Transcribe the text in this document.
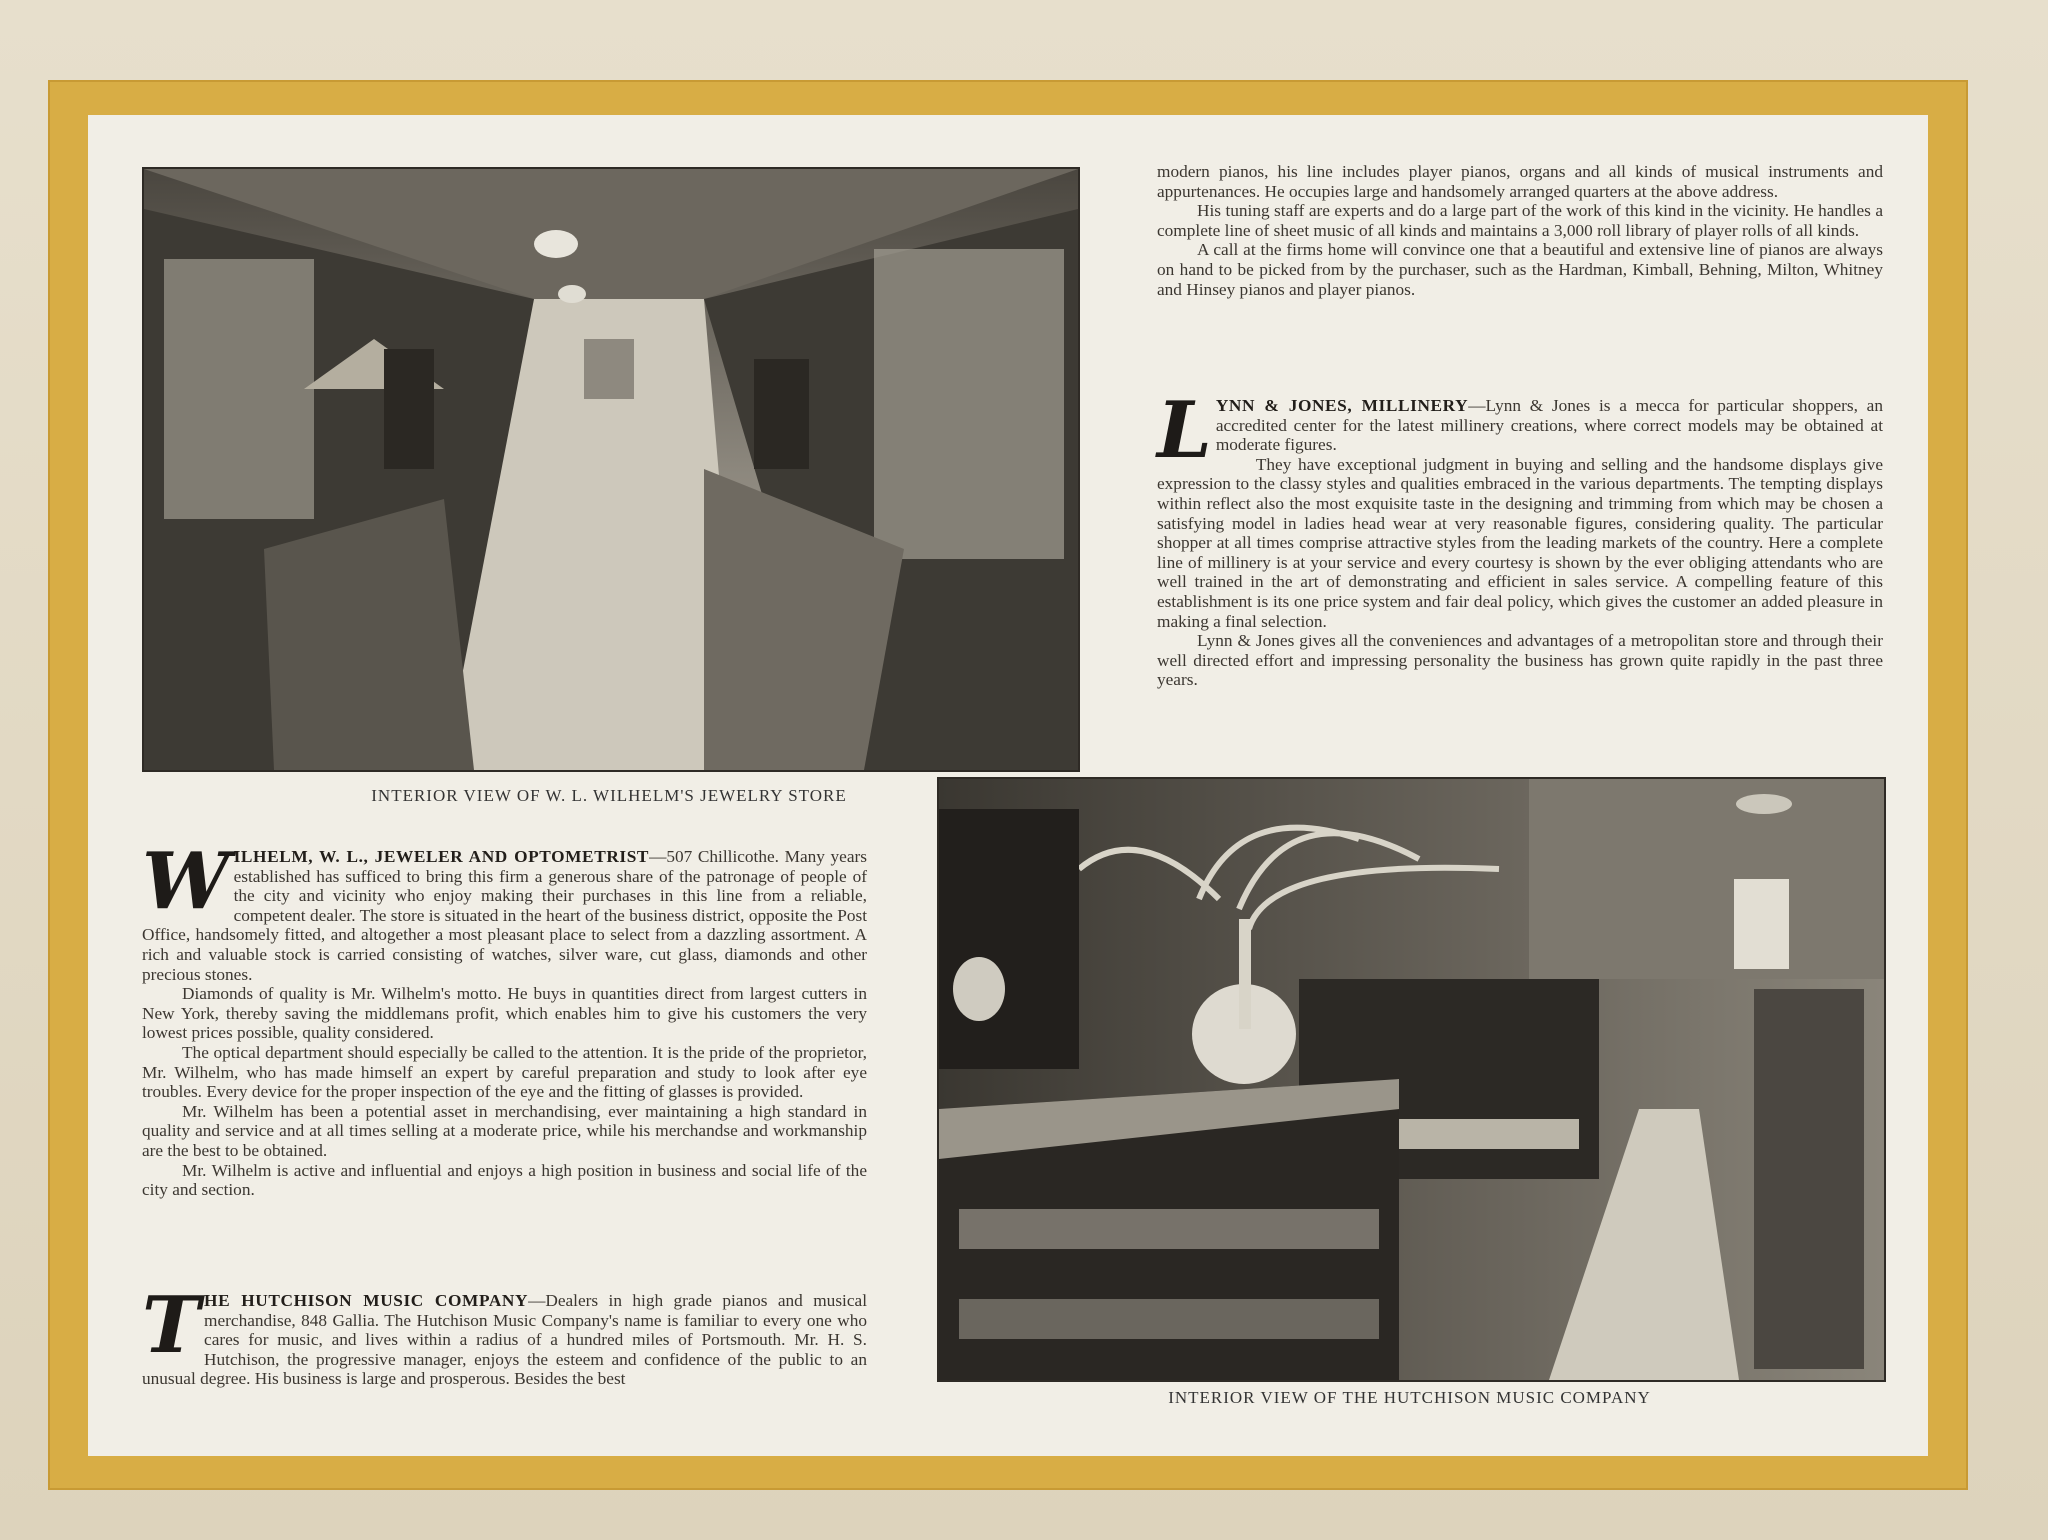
INTERIOR VIEW OF W. L. WILHELM'S JEWELRY STORE
INTERIOR VIEW OF THE HUTCHISON MUSIC COMPANY

modern pianos, his line includes player pianos, organs and all kinds of musical instruments and appurtenances. He occupies large and handsomely arranged quarters at the above address.

His tuning staff are experts and do a large part of the work of this kind in the vicinity. He handles a complete line of sheet music of all kinds and maintains a 3,000 roll library of player rolls of all kinds.

A call at the firms home will convince one that a beautiful and extensive line of pianos are always on hand to be picked from by the purchaser, such as the Hardman, Kimball, Behning, Milton, Whitney and Hinsey pianos and player pianos.

LYNN & JONES, MILLINERY—Lynn & Jones is a mecca for particular shoppers, an accredited center for the latest millinery creations, where correct models may be obtained at moderate figures.

They have exceptional judgment in buying and selling and the handsome displays give expression to the classy styles and qualities embraced in the various departments. The tempting displays within reflect also the most exquisite taste in the designing and trimming from which may be chosen a satisfying model in ladies head wear at very reasonable figures, considering quality. The particular shopper at all times comprise attractive styles from the leading markets of the country. Here a complete line of millinery is at your service and every courtesy is shown by the ever obliging attendants who are well trained in the art of demonstrating and efficient in sales service. A compelling feature of this establishment is its one price system and fair deal policy, which gives the customer an added pleasure in making a final selection.

Lynn & Jones gives all the conveniences and advantages of a metropolitan store and through their well directed effort and impressing personality the business has grown quite rapidly in the past three years.

WILHELM, W. L., JEWELER AND OPTOMETRIST—507 Chillicothe. Many years established has sufficed to bring this firm a generous share of the patronage of people of the city and vicinity who enjoy making their purchases in this line from a reliable, competent dealer. The store is situated in the heart of the business district, opposite the Post Office, handsomely fitted, and altogether a most pleasant place to select from a dazzling assortment. A rich and valuable stock is carried consisting of watches, silver ware, cut glass, diamonds and other precious stones.

Diamonds of quality is Mr. Wilhelm's motto. He buys in quantities direct from largest cutters in New York, thereby saving the middlemans profit, which enables him to give his customers the very lowest prices possible, quality considered.

The optical department should especially be called to the attention. It is the pride of the proprietor, Mr. Wilhelm, who has made himself an expert by careful preparation and study to look after eye troubles. Every device for the proper inspection of the eye and the fitting of glasses is provided.

Mr. Wilhelm has been a potential asset in merchandising, ever maintaining a high standard in quality and service and at all times selling at a moderate price, while his merchandse and workmanship are the best to be obtained.

Mr. Wilhelm is active and influential and enjoys a high position in business and social life of the city and section.

THE HUTCHISON MUSIC COMPANY—Dealers in high grade pianos and musical merchandise, 848 Gallia. The Hutchison Music Company's name is familiar to every one who cares for music, and lives within a radius of a hundred miles of Portsmouth. Mr. H. S. Hutchison, the progressive manager, enjoys the esteem and confidence of the public to an unusual degree. His business is large and prosperous. Besides the best
